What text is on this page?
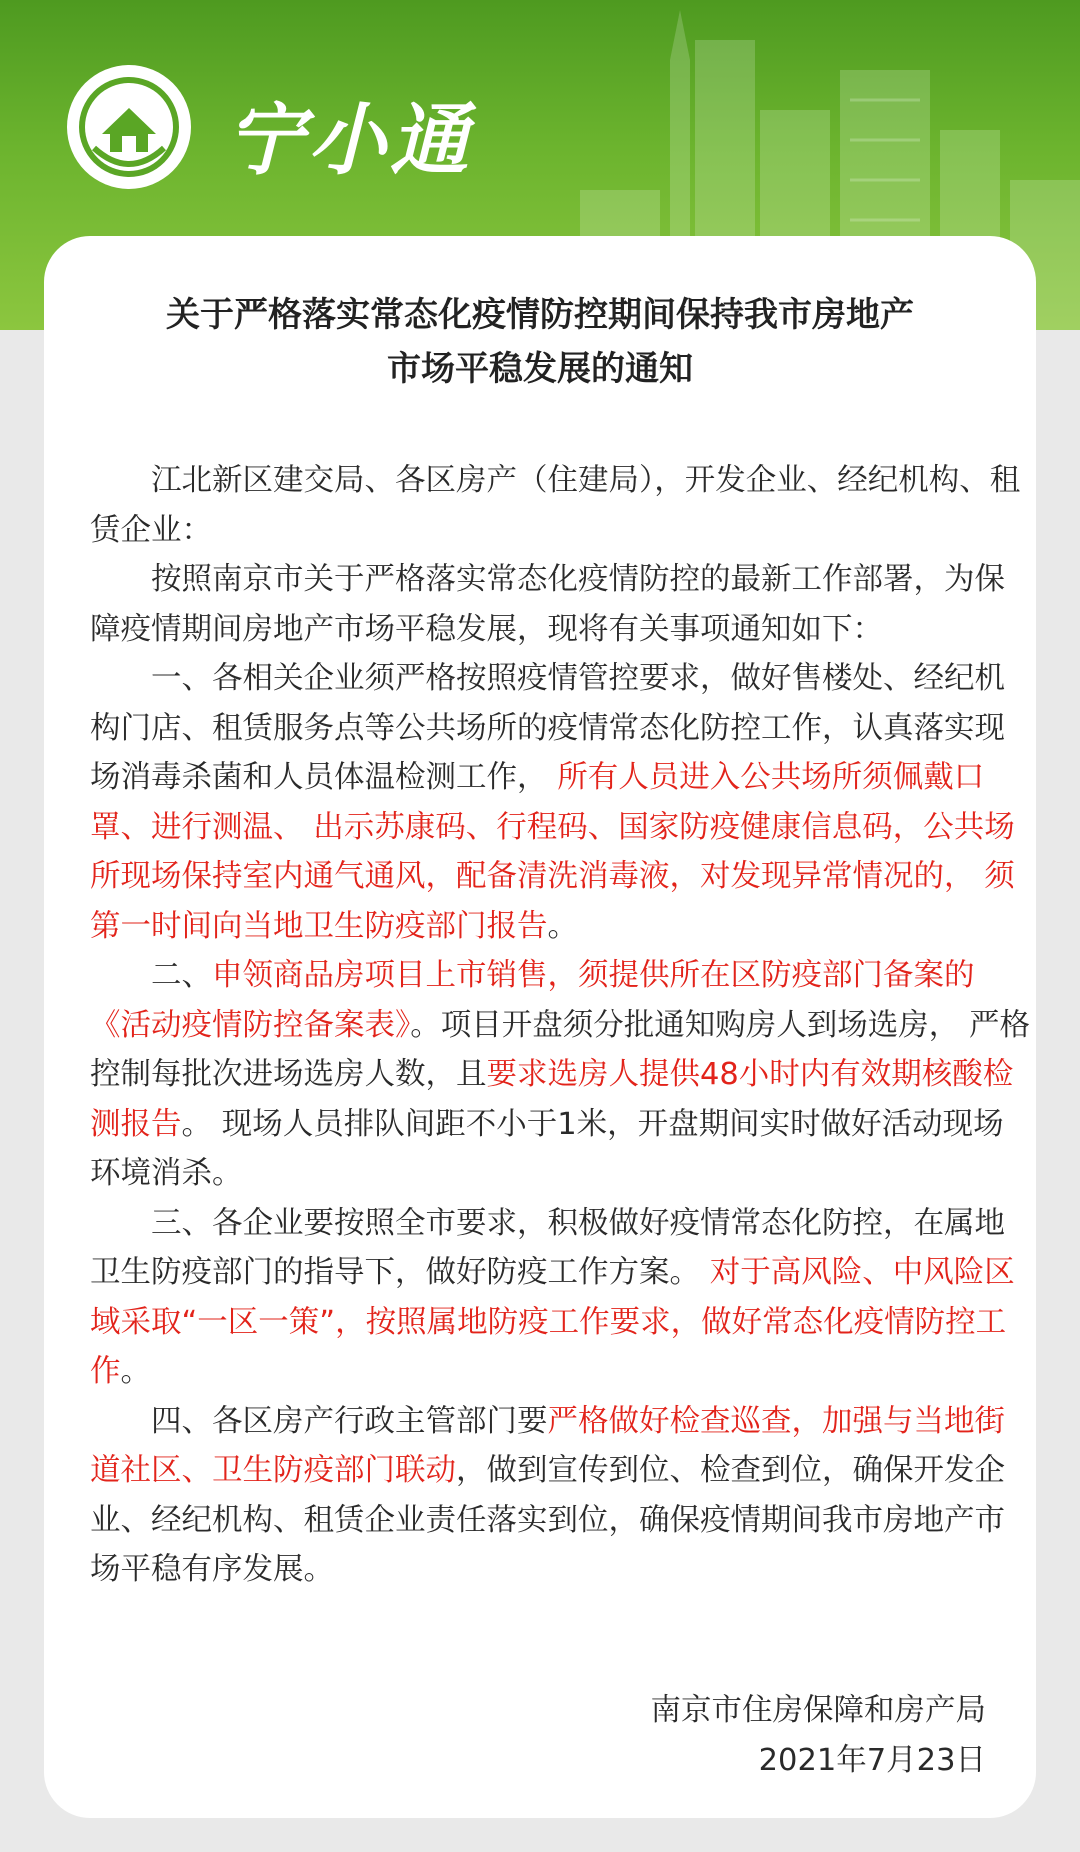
宁小通
关于严格落实常态化疫情防控期间保持我市房地产
市场平稳发展的通知

江北新区建交局、各区房产（住建局），开发企业、经纪机构、租赁企业：

按照南京市关于严格落实常态化疫情防控的最新工作部署，为保障疫情期间房地产市场平稳发展，现将有关事项通知如下：

一、各相关企业须严格按照疫情管控要求，做好售楼处、经纪机构门店、租赁服务点等公共场所的疫情常态化防控工作，认真落实现场消毒杀菌和人员体温检测工作， 所有人员进入公共场所须佩戴口罩、进行测温、 出示苏康码、行程码、国家防疫健康信息码，公共场所现场保持室内通气通风，配备清洗消毒液，对发现异常情况的， 须第一时间向当地卫生防疫部门报告。

二、申领商品房项目上市销售，须提供所在区防疫部门备案的《活动疫情防控备案表》。项目开盘须分批通知购房人到场选房， 严格控制每批次进场选房人数，且要求选房人提供48小时内有效期核酸检测报告。 现场人员排队间距不小于1米，开盘期间实时做好活动现场环境消杀。

三、各企业要按照全市要求，积极做好疫情常态化防控，在属地卫生防疫部门的指导下，做好防疫工作方案。 对于高风险、中风险区域采取“一区一策”，按照属地防疫工作要求，做好常态化疫情防控工作。

四、各区房产行政主管部门要严格做好检查巡查，加强与当地街道社区、卫生防疫部门联动，做到宣传到位、检查到位，确保开发企业、经纪机构、租赁企业责任落实到位，确保疫情期间我市房地产市场平稳有序发展。

南京市住房保障和房产局
2021年7月23日
